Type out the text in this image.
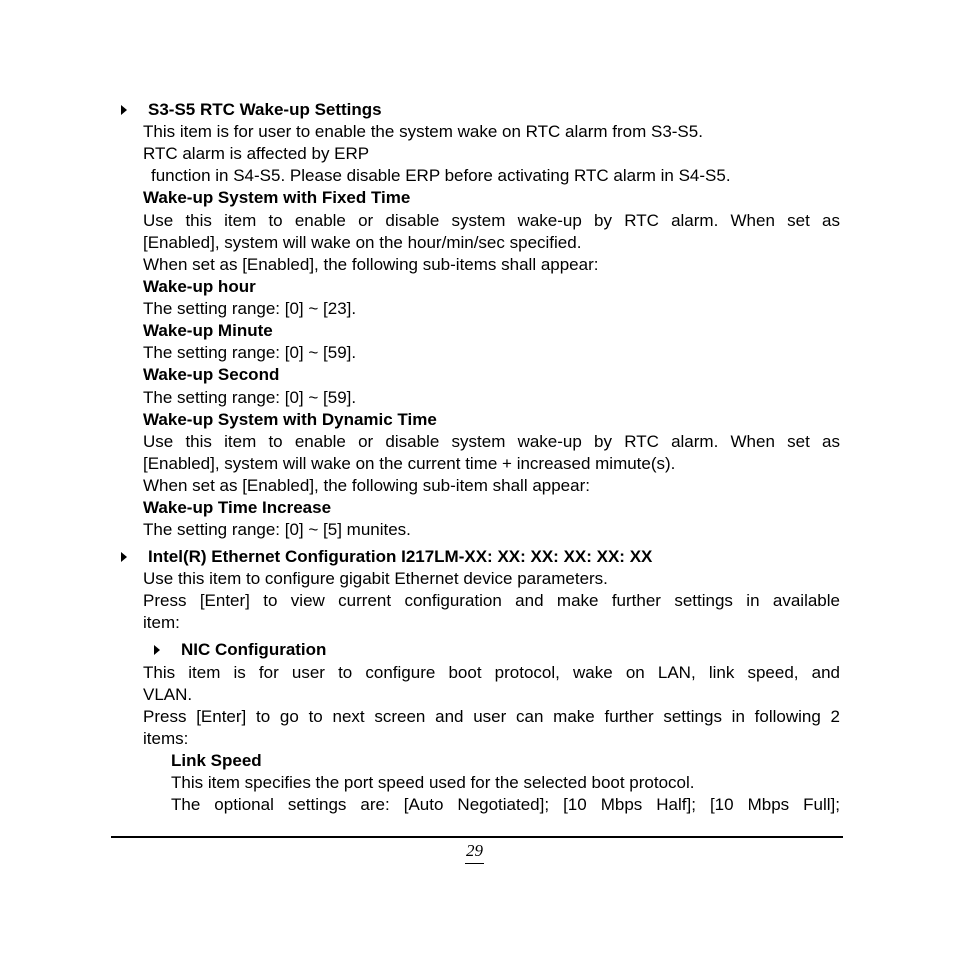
S3-S5 RTC Wake-up Settings
This item is for user to enable the system wake on RTC alarm from S3-S5.
RTC alarm is affected by ERP
function in S4-S5. Please disable ERP before activating RTC alarm in S4-S5.
Wake-up System with Fixed Time
Use this item to enable or disable system wake-up by RTC alarm. When set as
[Enabled], system will wake on the hour/min/sec specified.
When set as [Enabled], the following sub-items shall appear:
Wake-up hour
The setting range: [0] ~ [23].
Wake-up Minute
The setting range: [0] ~ [59].
Wake-up Second
The setting range: [0] ~ [59].
Wake-up System with Dynamic Time
Use this item to enable or disable system wake-up by RTC alarm. When set as
[Enabled], system will wake on the current time + increased mimute(s).
When set as [Enabled], the following sub-item shall appear:
Wake-up Time Increase
The setting range: [0] ~ [5] munites.
Intel(R) Ethernet Configuration I217LM-XX: XX: XX: XX: XX: XX
Use this item to configure gigabit Ethernet device parameters.
Press [Enter] to view current configuration and make further settings in available
item:
NIC Configuration
This item is for user to configure boot protocol, wake on LAN, link speed, and
VLAN.
Press [Enter] to go to next screen and user can make further settings in following 2
items:
Link Speed
This item specifies the port speed used for the selected boot protocol.
The optional settings are: [Auto Negotiated]; [10 Mbps Half]; [10 Mbps Full];
29
